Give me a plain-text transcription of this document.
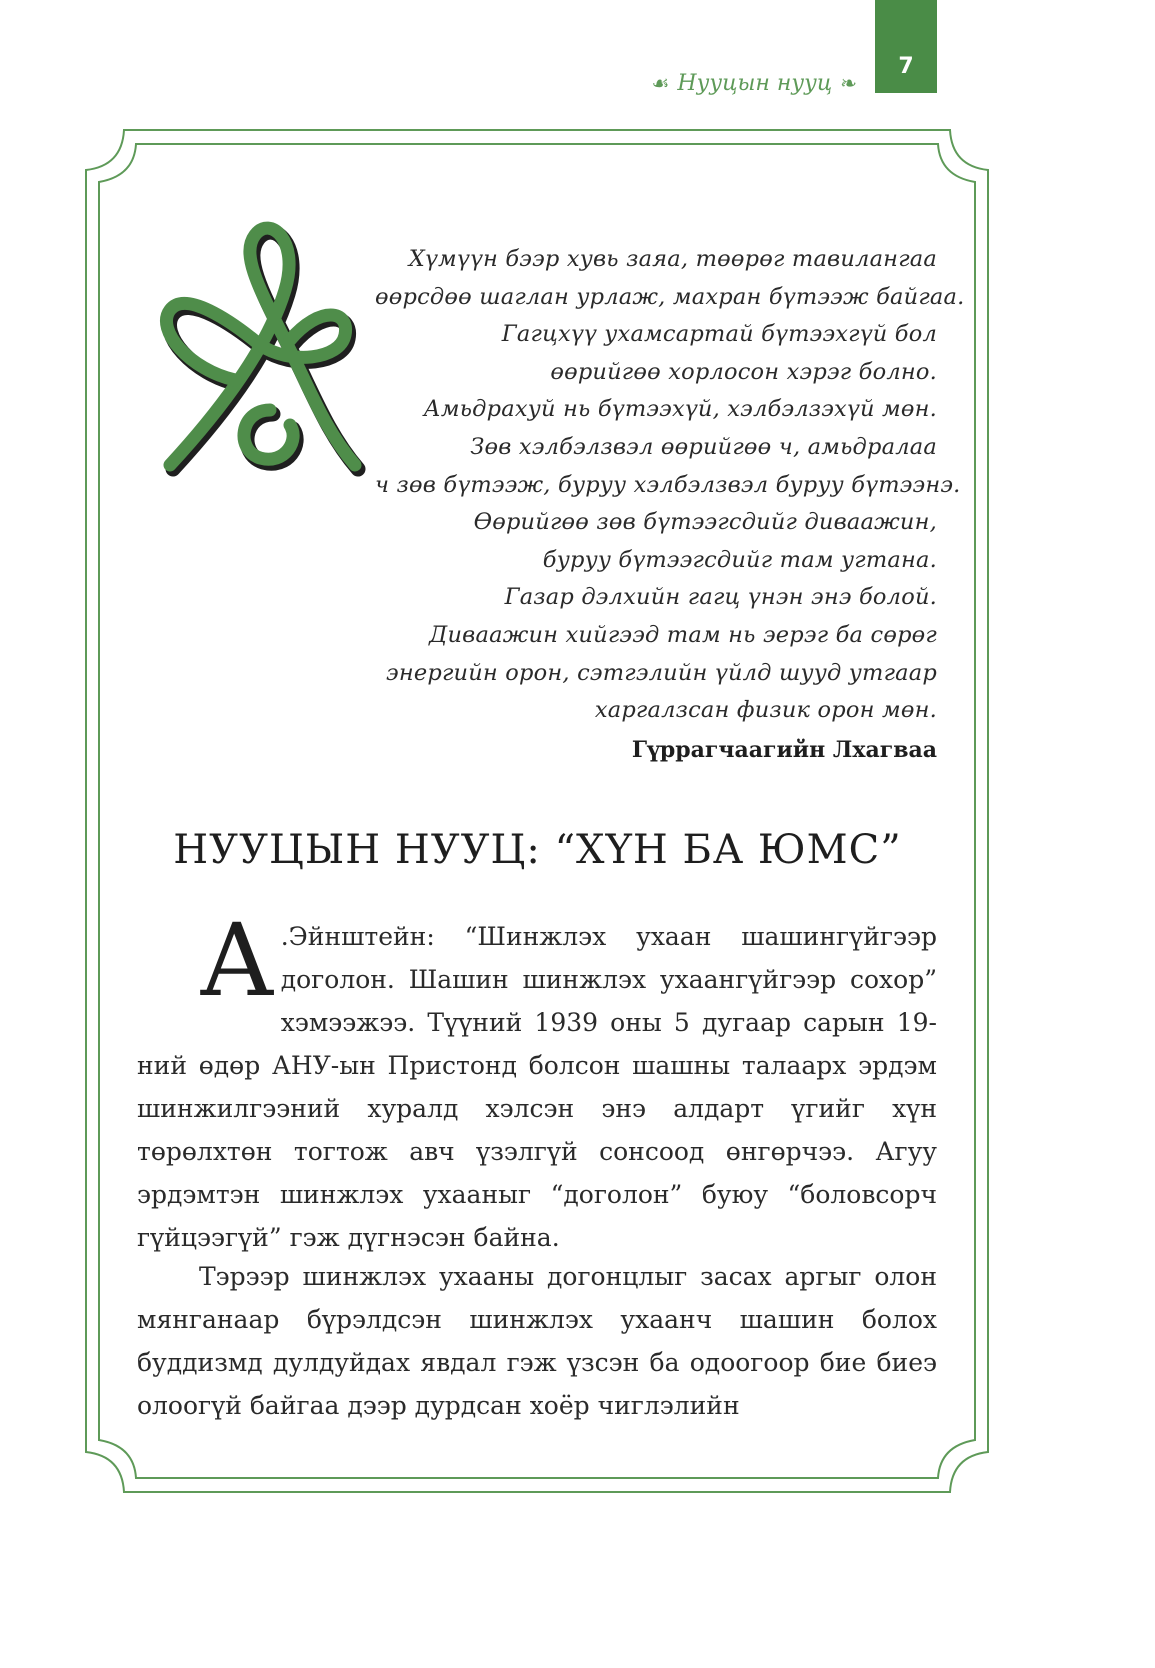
7
☙ Нууцын нууц ❧
Хүмүүн бээр хувь заяа, төөрөг тавилангаа
өөрсдөө шаглан урлаж, махран бүтээж байгаа.
Гагцхүү ухамсартай бүтээхгүй бол
өөрийгөө хорлосон хэрэг болно.
Амьдрахуй нь бүтээхүй, хэлбэлзэхүй мөн.
Зөв хэлбэлзвэл өөрийгөө ч, амьдралаа
ч зөв бүтээж, буруу хэлбэлзвэл буруу бүтээнэ.
Өөрийгөө зөв бүтээгсдийг диваажин,
буруу бүтээгсдийг там угтана.
Газар дэлхийн гагц үнэн энэ болой.
Диваажин хийгээд там нь эерэг ба сөрөг
энергийн орон, сэтгэлийн үйлд шууд утгаар
харгалзсан физик орон мөн.
Гүррагчаагийн Лхагваа
НУУЦЫН НУУЦ: “ХҮН БА ЮМС”
А .Эйнштейн: “Шинжлэх ухаан шашингүйгээр доголон. Шашин шинжлэх ухаангүйгээр сохор” хэмээжээ. Түүний 1939 оны 5 дугаар сарын 19-ний өдөр АНУ-ын Пристонд болсон шашны талаарх эрдэм шинжилгээний хуралд хэлсэн энэ алдарт үгийг хүн төрөлхтөн тогтож авч үзэлгүй сонсоод өнгөрчээ. Агуу эрдэмтэн шинжлэх ухааныг “доголон” буюу “боловсорч гүйцээгүй” гэж дүгнэсэн байна.
Тэрээр шинжлэх ухааны догонцлыг засах аргыг олон мянганаар бүрэлдсэн шинжлэх ухаанч шашин болох буддизмд дулдуйдах явдал гэж үзсэн ба одоогоор бие биеэ олоогүй байгаа дээр дурдсан хоёр чиглэлийн
